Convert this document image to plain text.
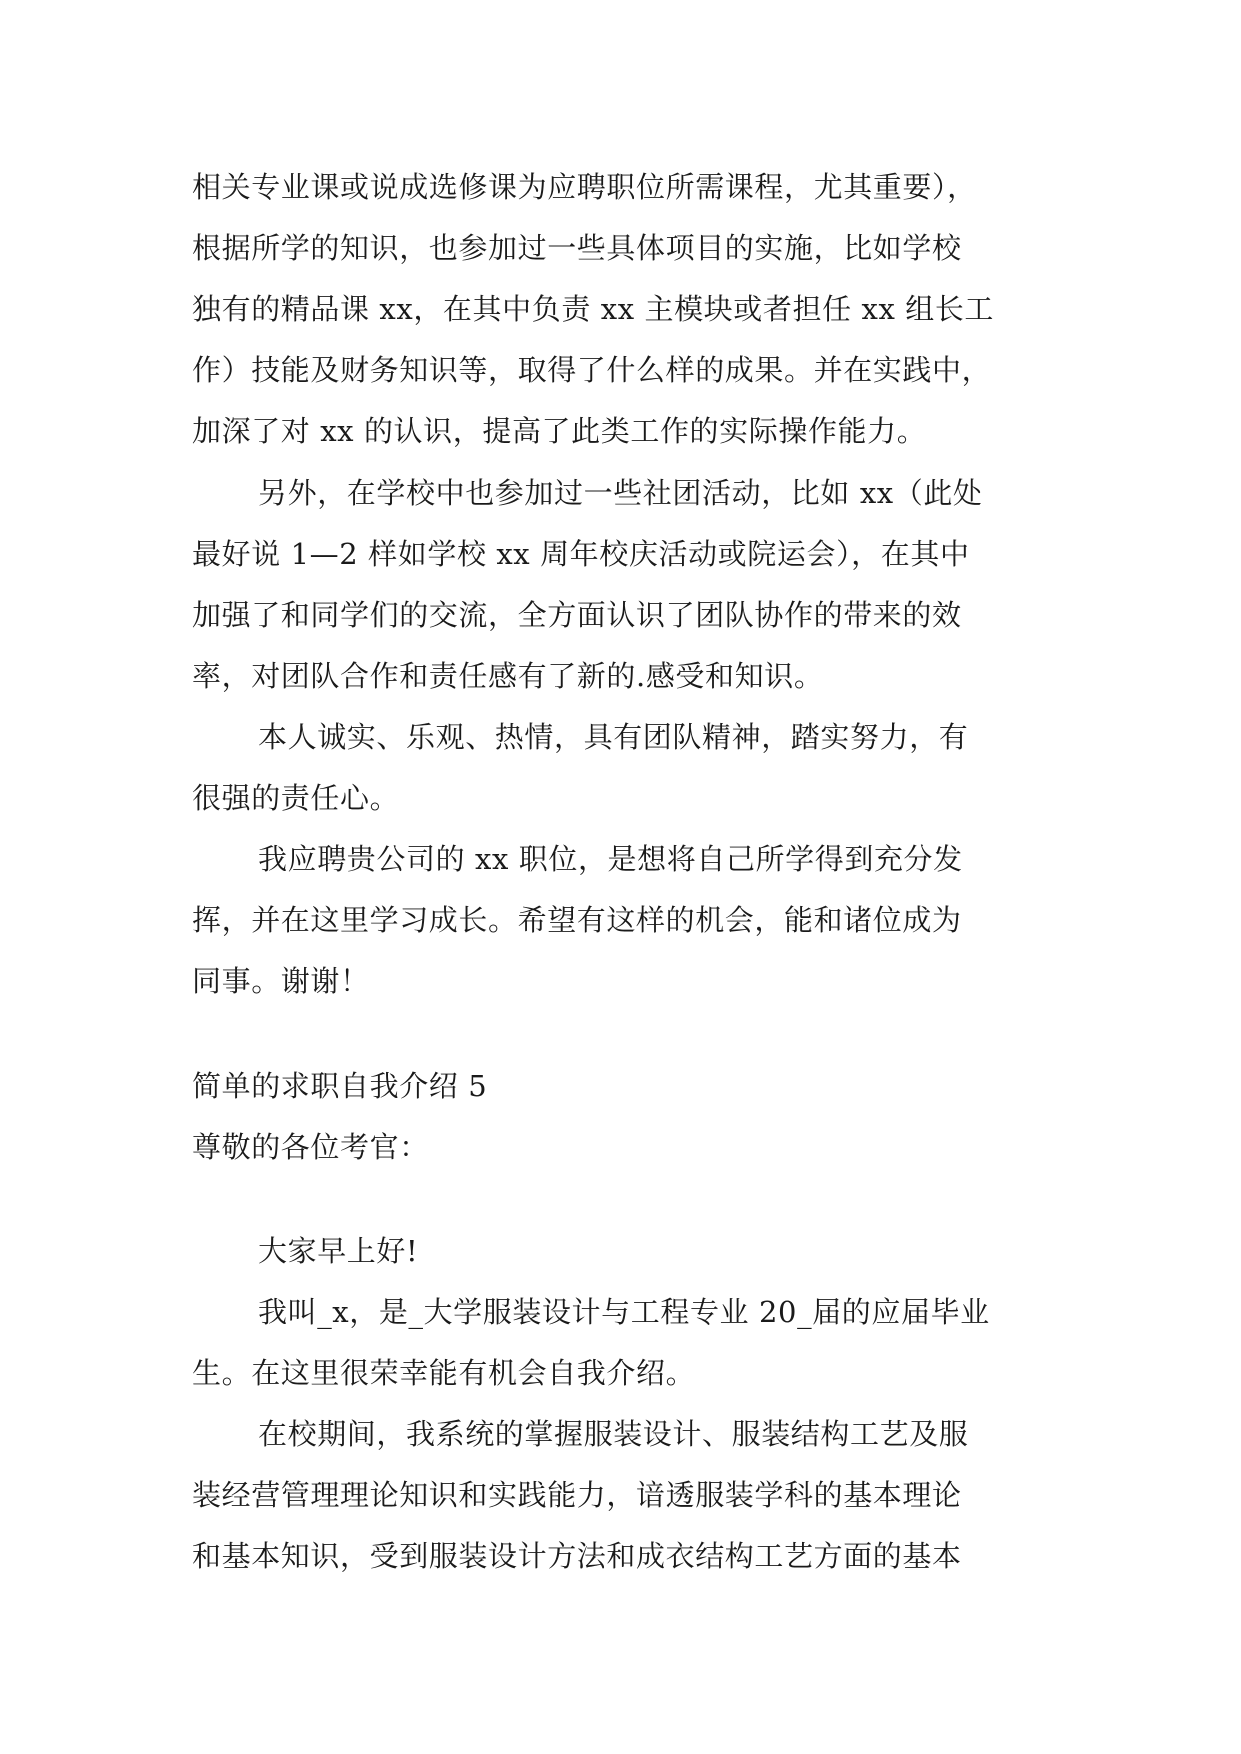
相关专业课或说成选修课为应聘职位所需课程，尤其重要），
根据所学的知识，也参加过一些具体项目的实施，比如学校
独有的精品课 xx，在其中负责 xx 主模块或者担任 xx 组长工
作）技能及财务知识等，取得了什么样的成果。并在实践中，
加深了对 xx 的认识，提高了此类工作的实际操作能力。
另外，在学校中也参加过一些社团活动，比如 xx（此处
最好说 1—2 样如学校 xx 周年校庆活动或院运会），在其中
加强了和同学们的交流，全方面认识了团队协作的带来的效
率，对团队合作和责任感有了新的.感受和知识。
本人诚实、乐观、热情，具有团队精神，踏实努力，有
很强的责任心。
我应聘贵公司的 xx 职位，是想将自己所学得到充分发
挥，并在这里学习成长。希望有这样的机会，能和诸位成为
同事。谢谢！
简单的求职自我介绍 5
尊敬的各位考官：
大家早上好!
我叫_x，是_大学服装设计与工程专业 20_届的应届毕业
生。在这里很荣幸能有机会自我介绍。
在校期间，我系统的掌握服装设计、服装结构工艺及服
装经营管理理论知识和实践能力，谙透服装学科的基本理论
和基本知识，受到服装设计方法和成衣结构工艺方面的基本
